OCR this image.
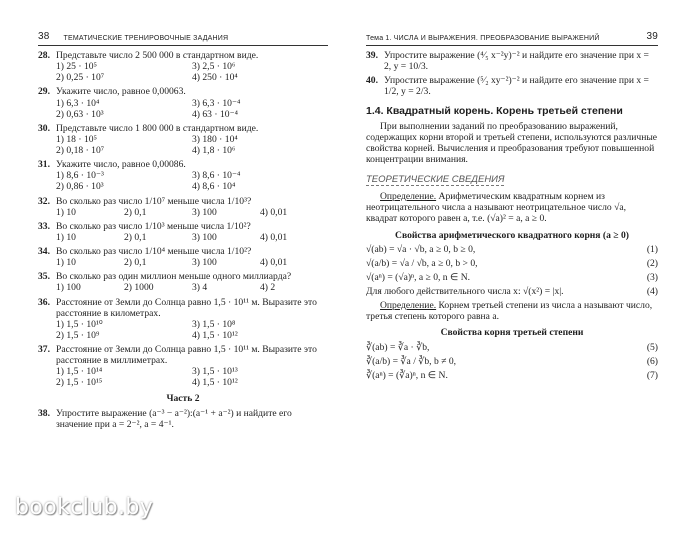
38 ТЕМАТИЧЕСКИЕ ТРЕНИРОВОЧНЫЕ ЗАДАНИЯ
28. Представьте число 2 500 000 в стандартном виде.
1) 25 · 10⁵	3) 2,5 · 10⁶
2) 0,25 · 10⁷	4) 250 · 10⁴
29. Укажите число, равное 0,00063.
1) 6,3 · 10⁴	3) 6,3 · 10⁻⁴
2) 0,63 · 10³	4) 63 · 10⁻⁴
30. Представьте число 1 800 000 в стандартном виде.
1) 18 · 10⁵	3) 180 · 10⁴
2) 0,18 · 10⁷	4) 1,8 · 10⁶
31. Укажите число, равное 0,00086.
1) 8,6 · 10⁻³	3) 8,6 · 10⁻⁴
2) 0,86 · 10³	4) 8,6 · 10⁴
32. Во сколько раз число 1/10⁷ меньше числа 1/10³?
1) 10	2) 0,1	3) 100	4) 0,01
33. Во сколько раз число 1/10³ меньше числа 1/10²?
1) 10	2) 0,1	3) 100	4) 0,01
34. Во сколько раз число 1/10⁴ меньше числа 1/10²?
1) 10	2) 0,1	3) 100	4) 0,01
35. Во сколько раз один миллион меньше одного миллиарда?
1) 100	2) 1000	3) 4	4) 2
36. Расстояние от Земли до Солнца равно 1,5 · 10¹¹ м. Выразите это расстояние в километрах.
1) 1,5 · 10¹⁰	3) 1,5 · 10⁸
2) 1,5 · 10⁹	4) 1,5 · 10¹²
37. Расстояние от Земли до Солнца равно 1,5 · 10¹¹ м. Выразите это расстояние в миллиметрах.
1) 1,5 · 10¹⁴	3) 1,5 · 10¹³
2) 1,5 · 10¹⁵	4) 1,5 · 10¹²
Часть 2
38. Упростите выражение (a⁻³ − a⁻²):(a⁻¹ + a⁻²) и найдите его значение при a = 2⁻², a = 4⁻¹.
Тема 1. ЧИСЛА И ВЫРАЖЕНИЯ. ПРЕОБРАЗОВАНИЕ ВЫРАЖЕНИЙ	39
39. Упростите выражение (⁴⁄₅ x⁻²y)⁻² и найдите его значение при x = 2, y = 10/3.
40. Упростите выражение (⁵⁄₂ xy⁻²)⁻² и найдите его значение при x = 1/2, y = 2/3.
1.4. Квадратный корень. Корень третьей степени

При выполнении заданий по преобразованию выражений, содержащих корни второй и третьей степени, используются различные свойства корней. Вычисления и преобразования требуют повышенной концентрации внимания.

ТЕОРЕТИЧЕСКИЕ СВЕДЕНИЯ

Определение. Арифметическим квадратным корнем из неотрицательного числа a называют неотрицательное число √a, квадрат которого равен a, т.е. (√a)² = a, a ≥ 0.

Свойства арифметического квадратного корня (a ≥ 0)
√(ab) = √a · √b, a ≥ 0, b ≥ 0,	(1)
√(a/b) = √a / √b, a ≥ 0, b > 0,	(2)
√(aⁿ) = (√a)ⁿ, a ≥ 0, n ∈ N.	(3)
Для любого действительного числа x: √(x²) = |x|.	(4)

Определение. Корнем третьей степени из числа a называют число, третья степень которого равна a.

Свойства корня третьей степени
∛(ab) = ∛a · ∛b,	(5)
∛(a/b) = ∛a / ∛b, b ≠ 0,	(6)
∛(aⁿ) = (∛a)ⁿ, n ∈ N.	(7)
bookclub.by
